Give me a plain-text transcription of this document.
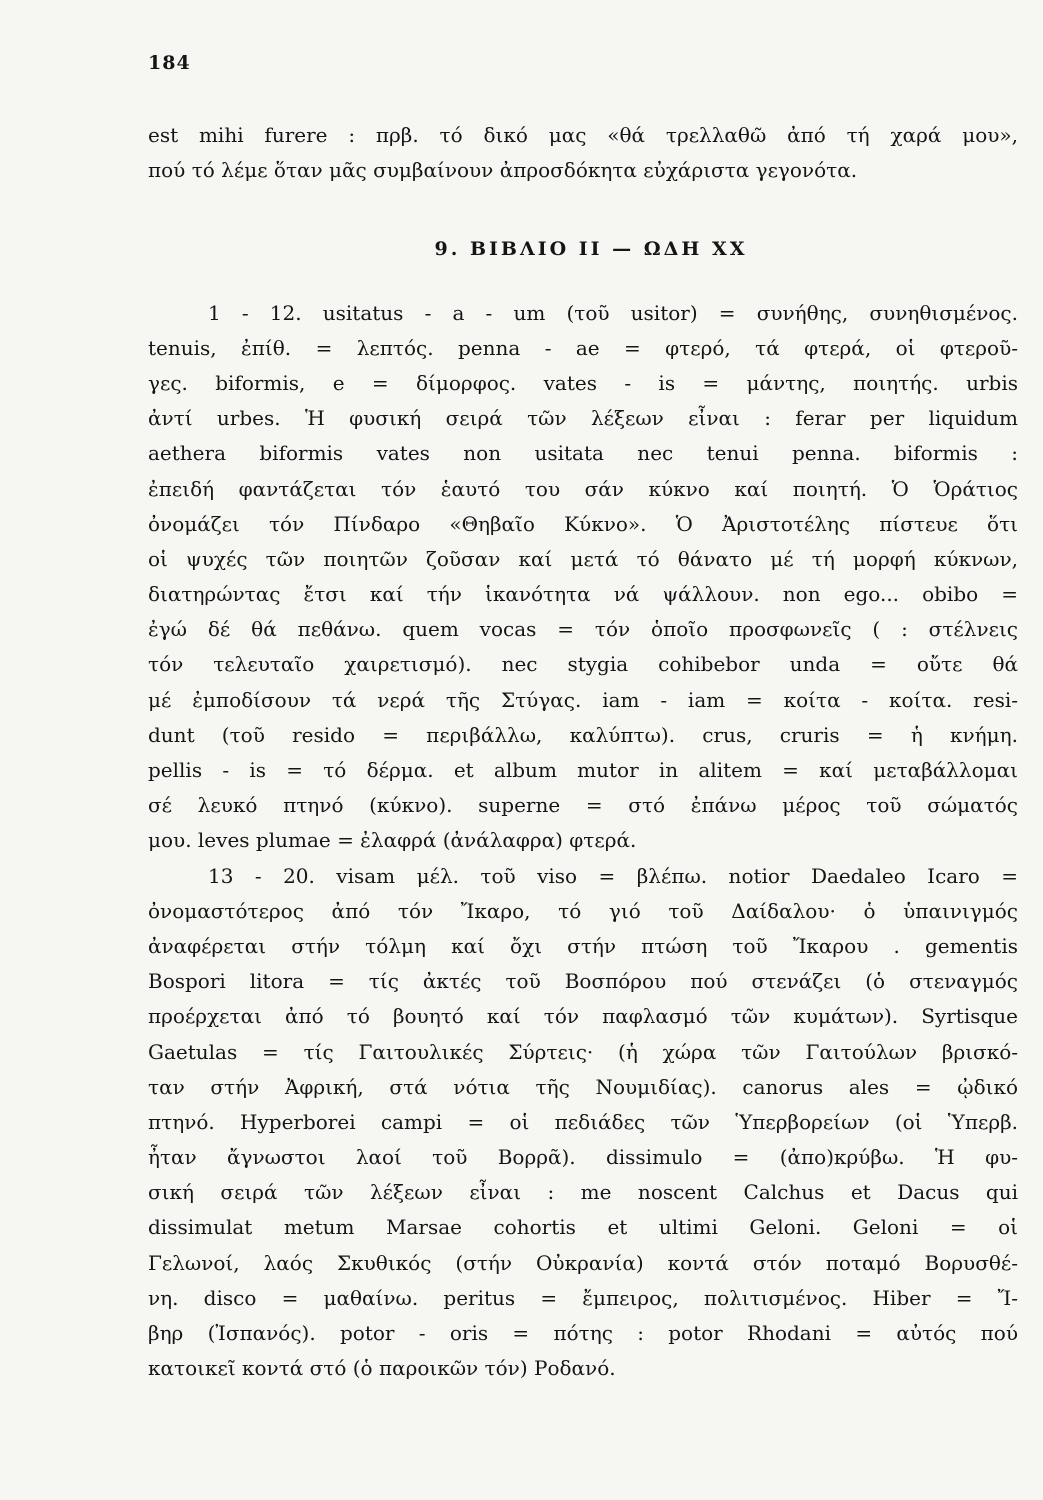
184
est mihi furere : πρβ. τό δικό μας «θά τρελλαθῶ ἀπό τή χαρά μου»,
πού τό λέμε ὅταν μᾶς συμβαίνουν ἀπροσδόκητα εὐχάριστα γεγονότα.
9. ΒΙΒΛΙΟ ΙΙ — ΩΔΗ ΧΧ
1 - 12. usitatus - a - um (τοῦ usitor) = συνήθης, συνηθισμένος.
tenuis, ἐπίθ. = λεπτός. penna - ae = φτερό, τά φτερά, οἱ φτεροῦ-
γες. biformis, e = δίμορφος. vates - is = μάντης, ποιητής. urbis
ἀντί urbes. Ἡ φυσική σειρά τῶν λέξεων εἶναι : ferar per liquidum
aethera biformis vates non usitata nec tenui penna. biformis :
ἐπειδή φαντάζεται τόν ἑαυτό του σάν κύκνο καί ποιητή. Ὁ Ὁράτιος
ὀνομάζει τόν Πίνδαρο «Θηβαῖο Κύκνο». Ὁ Ἀριστοτέλης πίστευε ὅτι
οἱ ψυχές τῶν ποιητῶν ζοῦσαν καί μετά τό θάνατο μέ τή μορφή κύκνων,
διατηρώντας ἔτσι καί τήν ἱκανότητα νά ψάλλουν. non ego... obibo =
ἐγώ δέ θά πεθάνω. quem vocas = τόν ὁποῖο προσφωνεῖς ( : στέλνεις
τόν τελευταῖο χαιρετισμό). nec stygia cohibebor unda = οὔτε θά
μέ ἐμποδίσουν τά νερά τῆς Στύγας. iam - iam = κοίτα - κοίτα. resi-
dunt (τοῦ resido = περιβάλλω, καλύπτω). crus, cruris = ἡ κνήμη.
pellis - is = τό δέρμα. et album mutor in alitem = καί μεταβάλλομαι
σέ λευκό πτηνό (κύκνο). superne = στό ἐπάνω μέρος τοῦ σώματός
μου. leves plumae = ἐλαφρά (ἀνάλαφρα) φτερά.
13 - 20. visam μέλ. τοῦ viso = βλέπω. notior Daedaleo Icaro =
ὀνομαστότερος ἀπό τόν Ἴκαρο, τό γιό τοῦ Δαίδαλου· ὁ ὑπαινιγμός
ἀναφέρεται στήν τόλμη καί ὄχι στήν πτώση τοῦ Ἴκαρου . gementis
Bospori litora = τίς ἀκτές τοῦ Βοσπόρου πού στενάζει (ὁ στεναγμός
προέρχεται ἀπό τό βουητό καί τόν παφλασμό τῶν κυμάτων). Syrtisque
Gaetulas = τίς Γαιτουλικές Σύρτεις· (ἡ χώρα τῶν Γαιτούλων βρισκό-
ταν στήν Ἀφρική, στά νότια τῆς Νουμιδίας). canorus ales = ᾠδικό
πτηνό. Hyperborei campi = οἱ πεδιάδες τῶν Ὑπερβορείων (οἱ Ὑπερβ.
ἦταν ἄγνωστοι λαοί τοῦ Βορρᾶ). dissimulo = (ἀπο)κρύβω. Ἡ φυ-
σική σειρά τῶν λέξεων εἶναι : me noscent Calchus et Dacus qui
dissimulat metum Marsae cohortis et ultimi Geloni. Geloni = οἱ
Γελωνοί, λαός Σκυθικός (στήν Οὐκρανία) κοντά στόν ποταμό Βορυσθέ-
νη. disco = μαθαίνω. peritus = ἔμπειρος, πολιτισμένος. Hiber = Ἴ-
βηρ (Ἰσπανός). potor - oris = πότης : potor Rhodani = αὐτός πού
κατοικεῖ κοντά στό (ὁ παροικῶν τόν) Ροδανό.
